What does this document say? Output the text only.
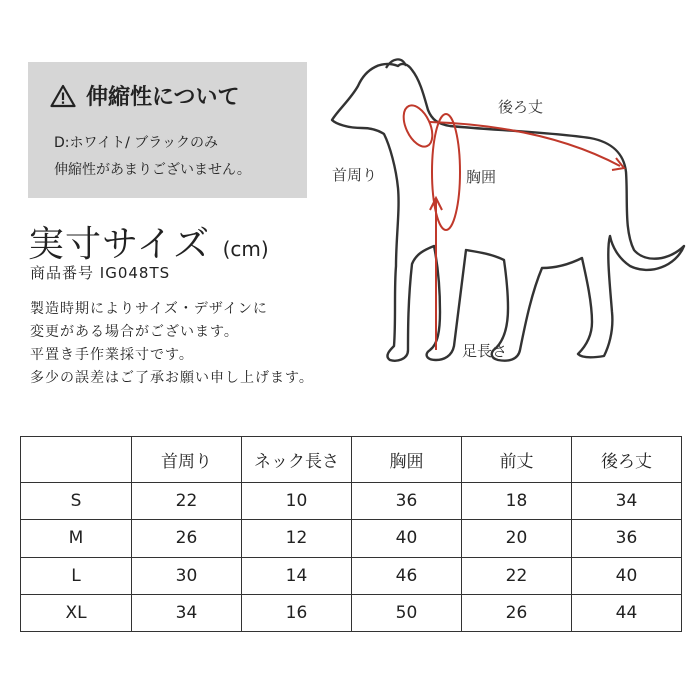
伸縮性について
D:ホワイト/ ブラックのみ
伸縮性があまりございません。
実寸サイズ (cm)
商品番号 IG048TS
製造時期によりサイズ・デザインに
変更がある場合がございます。
平置き手作業採寸です。
多少の誤差はご了承お願い申し上げます。
後ろ丈
首周り	胸囲
足長さ
	首周り	ネック長さ	胸囲	前丈	後ろ丈
S	22	10	36	18	34
M	26	12	40	20	36
L	30	14	46	22	40
XL	34	16	50	26	44
